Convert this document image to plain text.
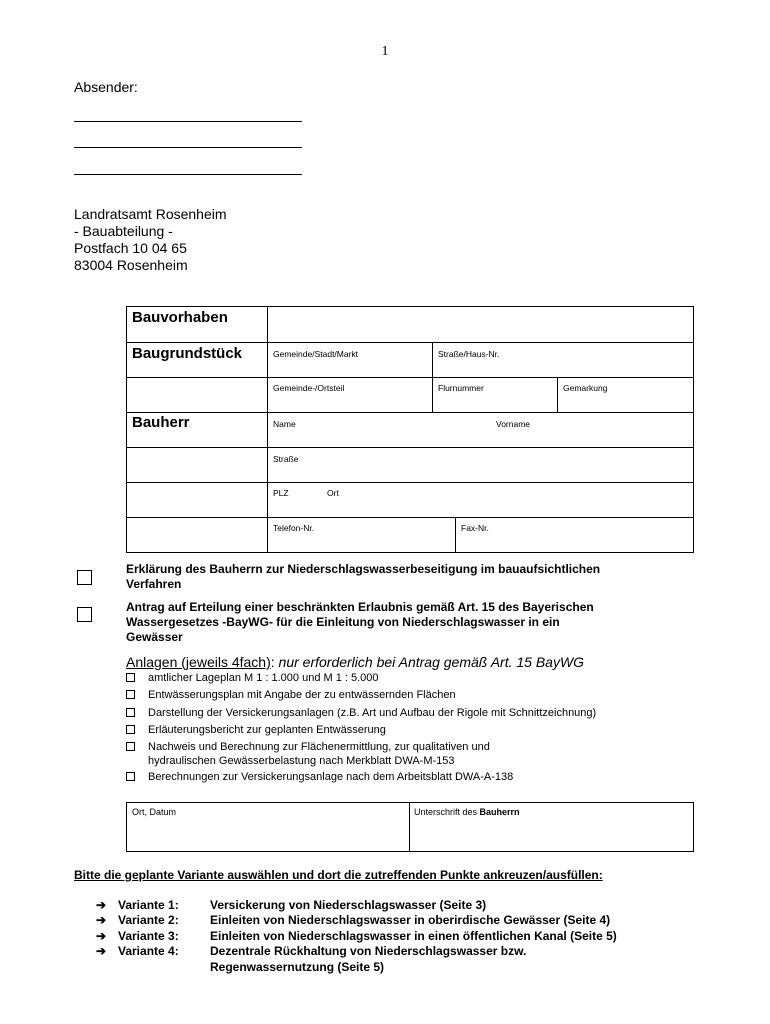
1
Absender:
Landratsamt Rosenheim
- Bauabteilung -
Postfach 10 04 65
83004 Rosenheim
Bauvorhaben
Baugrundstück	Gemeinde/Stadt/Markt	Straße/Haus-Nr.
Gemeinde-/Ortsteil	Flurnummer	Gemarkung
Bauherr	Name	Vorname
Straße
PLZ	Ort
Telefon-Nr.	Fax-Nr.
Erklärung des Bauherrn zur Niederschlagswasserbeseitigung im bauaufsichtlichen
Verfahren
Antrag auf Erteilung einer beschränkten Erlaubnis gemäß Art. 15 des Bayerischen
Wassergesetzes -BayWG- für die Einleitung von Niederschlagswasser in ein
Gewässer
Anlagen (jeweils 4fach): nur erforderlich bei Antrag gemäß Art. 15 BayWG
amtlicher Lageplan M 1 : 1.000 und M 1 : 5.000
Entwässerungsplan mit Angabe der zu entwässernden Flächen
Darstellung der Versickerungsanlagen (z.B. Art und Aufbau der Rigole mit Schnittzeichnung)
Erläuterungsbericht zur geplanten Entwässerung
Nachweis und Berechnung zur Flächenermittlung, zur qualitativen und
hydraulischen Gewässerbelastung nach Merkblatt DWA-M-153
Berechnungen zur Versickerungsanlage nach dem Arbeitsblatt DWA-A-138
Ort, Datum	Unterschrift des Bauherrn
Bitte die geplante Variante auswählen und dort die zutreffenden Punkte ankreuzen/ausfüllen:
➔ Variante 1:	Versickerung von Niederschlagswasser (Seite 3)
➔ Variante 2:	Einleiten von Niederschlagswasser in oberirdische Gewässer (Seite 4)
➔ Variante 3:	Einleiten von Niederschlagswasser in einen öffentlichen Kanal (Seite 5)
➔ Variante 4:	Dezentrale Rückhaltung von Niederschlagswasser bzw.
Regenwassernutzung (Seite 5)
